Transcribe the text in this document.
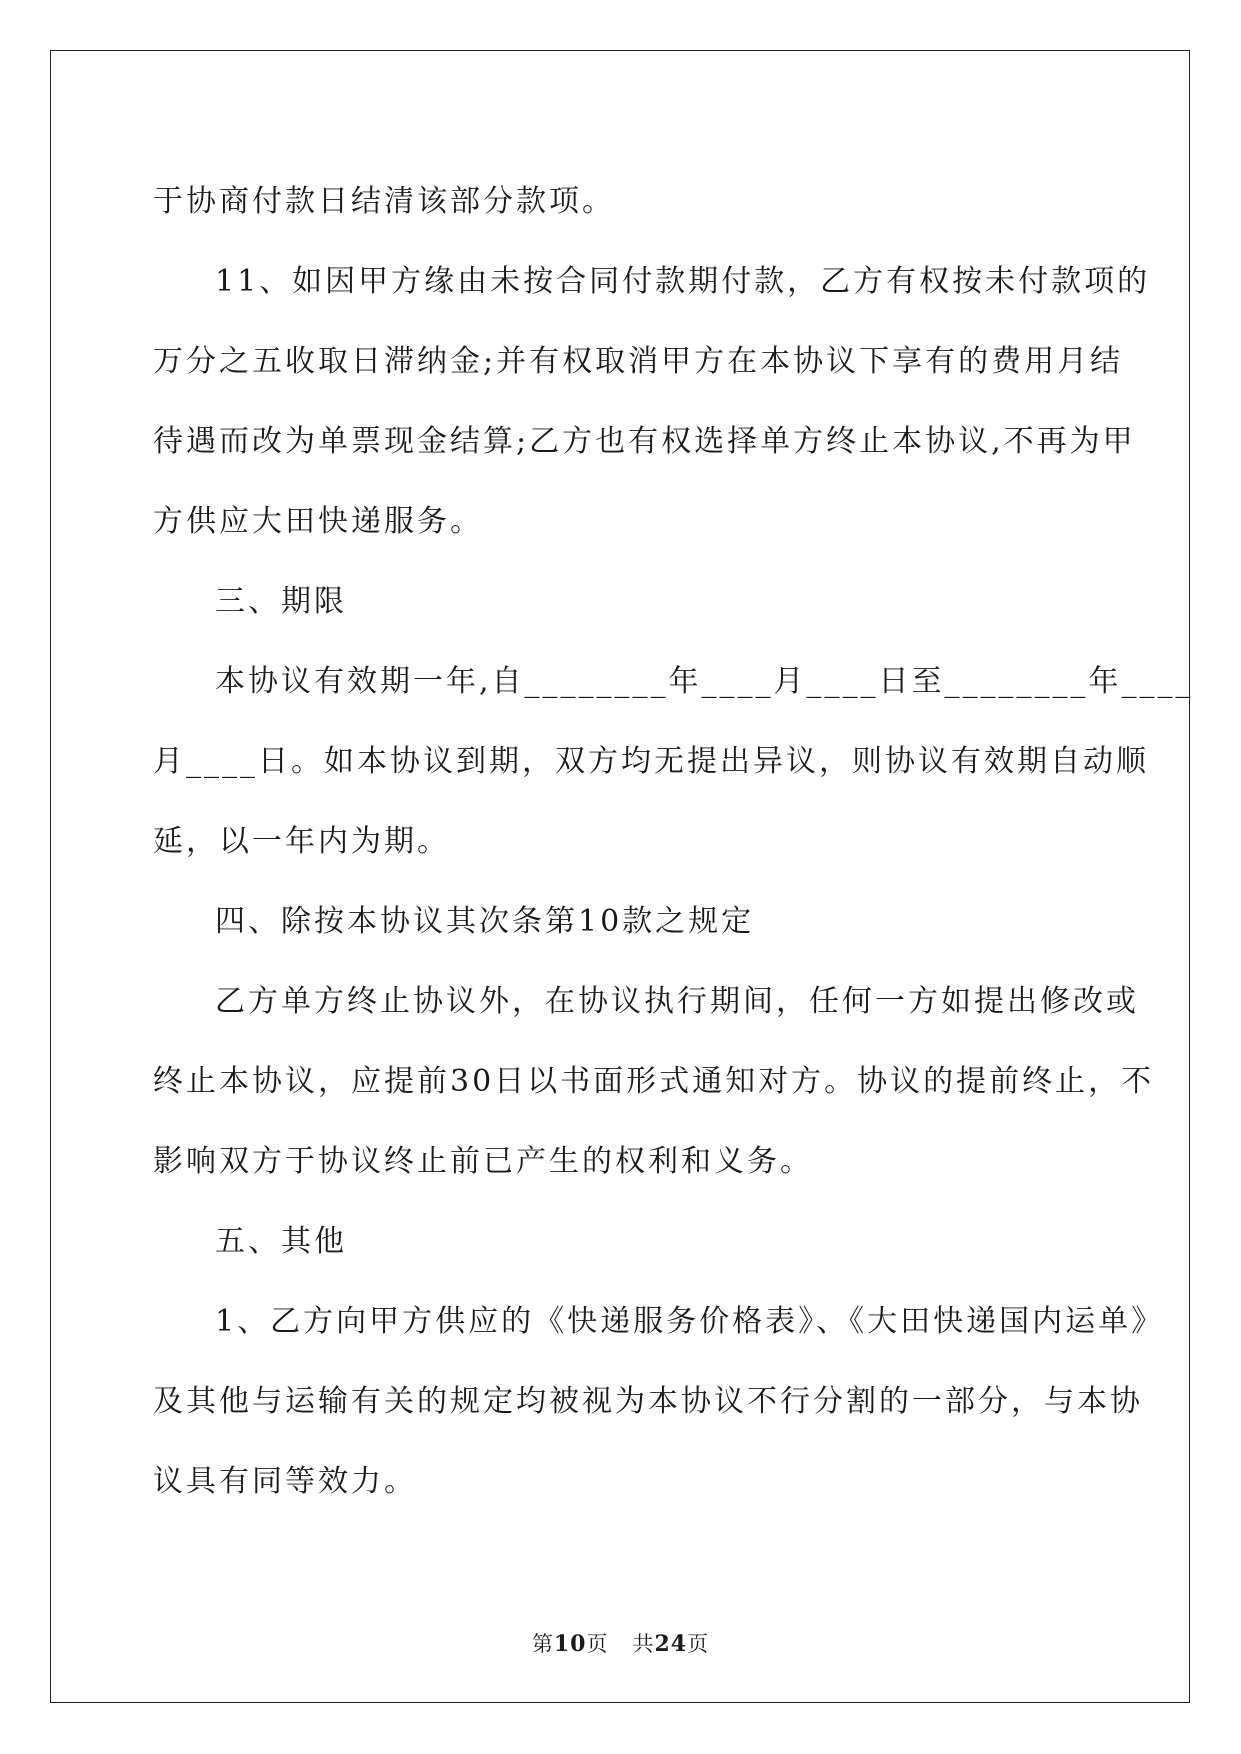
于协商付款日结清该部分款项。
11、如因甲方缘由未按合同付款期付款，乙方有权按未付款项的
万分之五收取日滞纳金;并有权取消甲方在本协议下享有的费用月结
待遇而改为单票现金结算;乙方也有权选择单方终止本协议,不再为甲
方供应大田快递服务。
三、期限
本协议有效期一年,自________年____月____日至________年____
月____日。如本协议到期，双方均无提出异议，则协议有效期自动顺
延，以一年内为期。
四、除按本协议其次条第10款之规定
乙方单方终止协议外，在协议执行期间，任何一方如提出修改或
终止本协议，应提前30日以书面形式通知对方。协议的提前终止，不
影响双方于协议终止前已产生的权利和义务。
五、其他
1、乙方向甲方供应的《快递服务价格表》、《大田快递国内运单》
及其他与运输有关的规定均被视为本协议不行分割的一部分，与本协
议具有同等效力。
第10页 共24页
